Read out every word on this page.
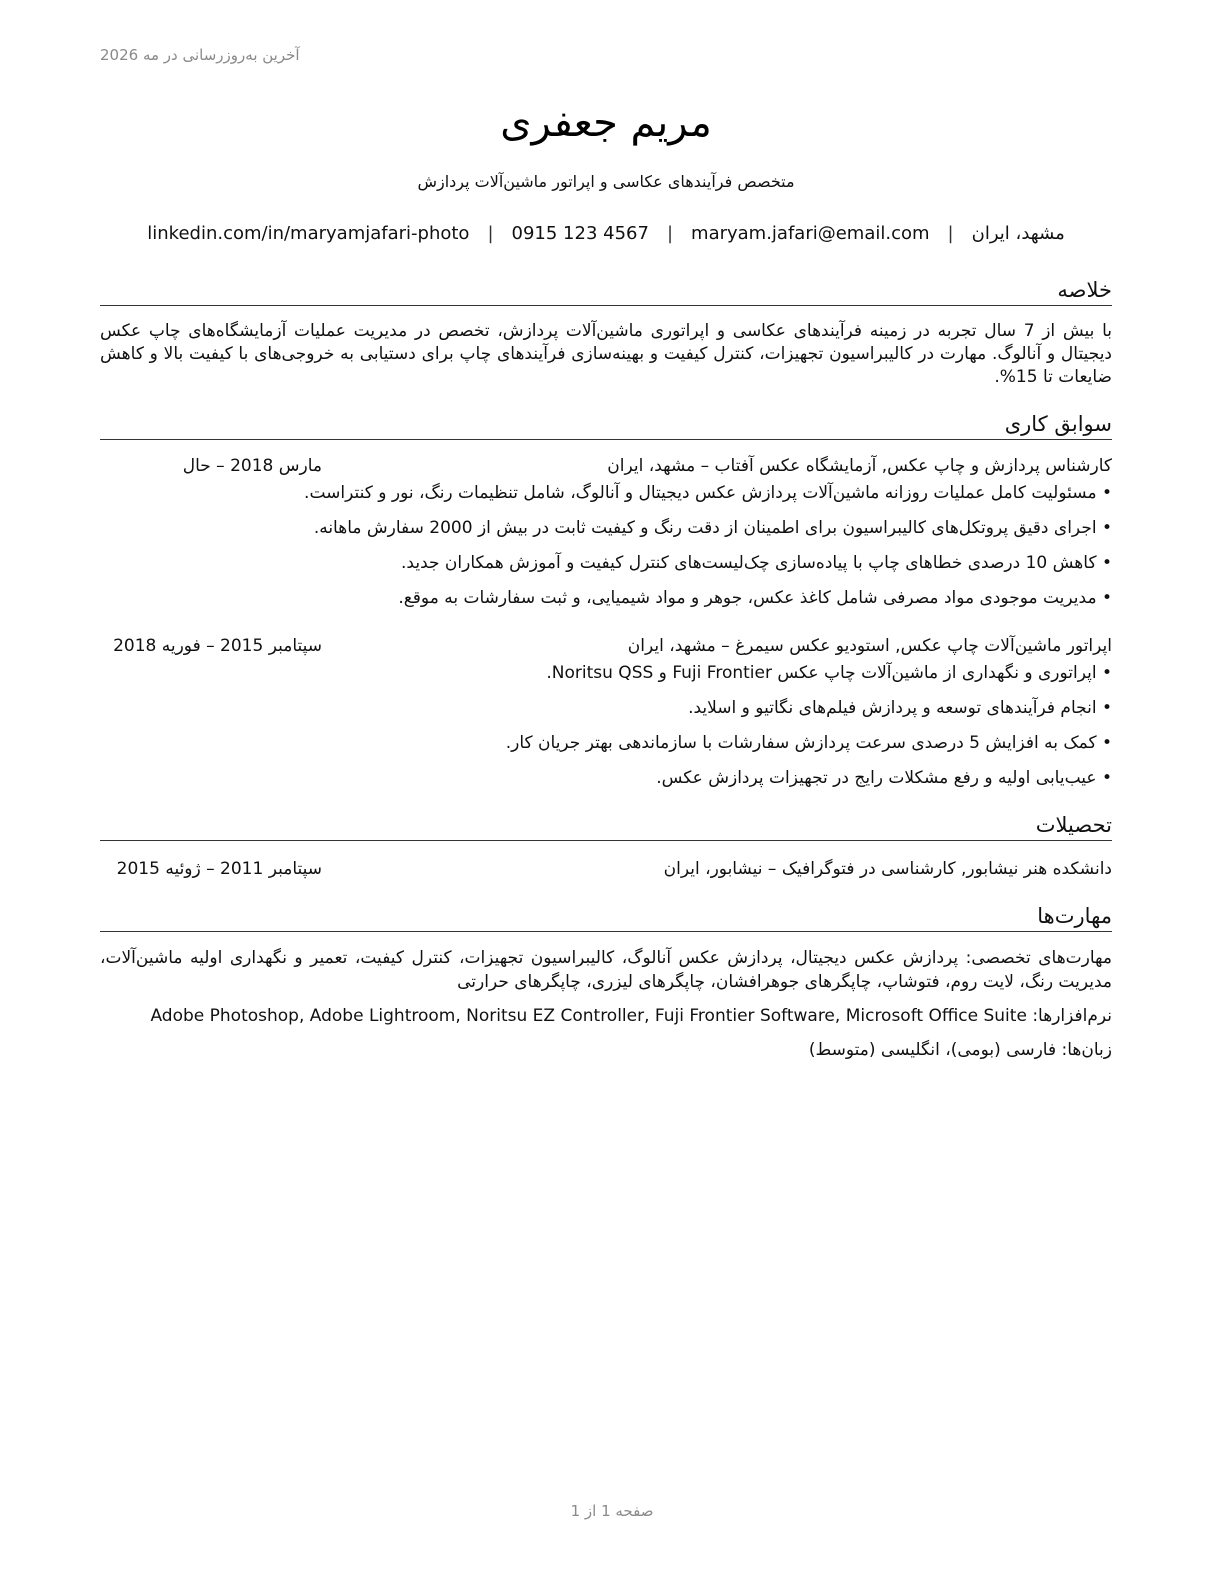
آخرین به‌روزرسانی در مه 2026
مریم جعفری
متخصص فرآیندهای عکاسی و اپراتور ماشین‌آلات پردازش
مشهد، ایران
|
maryam.jafari@email.com
|
0915 123 4567
|
linkedin.com/in/maryamjafari-photo
خلاصه

با بیش از 7 سال تجربه در زمینه فرآیندهای عکاسی و اپراتوری ماشین‌آلات پردازش، تخصص در مدیریت عملیات آزمایشگاه‌های چاپ عکس دیجیتال و آنالوگ. مهارت در کالیبراسیون تجهیزات، کنترل کیفیت و بهینه‌سازی فرآیندهای چاپ برای دستیابی به خروجی‌های با کیفیت بالا و کاهش ضایعات تا 15%.

سوابق کاری
کارشناس پردازش و چاپ عکس, آزمایشگاه عکس آفتاب – مشهد، ایران
مارس 2018 – حال
• مسئولیت کامل عملیات روزانه ماشین‌آلات پردازش عکس دیجیتال و آنالوگ، شامل تنظیمات رنگ، نور و کنتراست.
• اجرای دقیق پروتکل‌های کالیبراسیون برای اطمینان از دقت رنگ و کیفیت ثابت در بیش از 2000 سفارش ماهانه.
• کاهش 10 درصدی خطاهای چاپ با پیاده‌سازی چک‌لیست‌های کنترل کیفیت و آموزش همکاران جدید.
• مدیریت موجودی مواد مصرفی شامل کاغذ عکس، جوهر و مواد شیمیایی، و ثبت سفارشات به موقع.
اپراتور ماشین‌آلات چاپ عکس, استودیو عکس سیمرغ – مشهد، ایران
سپتامبر 2015 – فوریه 2018
• اپراتوری و نگهداری از ماشین‌آلات چاپ عکس Fuji Frontier و Noritsu QSS.
• انجام فرآیندهای توسعه و پردازش فیلم‌های نگاتیو و اسلاید.
• کمک به افزایش 5 درصدی سرعت پردازش سفارشات با سازماندهی بهتر جریان کار.
• عیب‌یابی اولیه و رفع مشکلات رایج در تجهیزات پردازش عکس.
تحصیلات
دانشکده هنر نیشابور, کارشناسی در فتوگرافیک – نیشابور، ایران
سپتامبر 2011 – ژوئیه 2015
مهارت‌ها

مهارت‌های تخصصی: پردازش عکس دیجیتال، پردازش عکس آنالوگ، کالیبراسیون تجهیزات، کنترل کیفیت، تعمیر و نگهداری اولیه ماشین‌آلات، مدیریت رنگ، لایت روم، فتوشاپ، چاپگرهای جوهرافشان، چاپگرهای لیزری، چاپگرهای حرارتی

نرم‌افزارها: Adobe Photoshop, Adobe Lightroom, Noritsu EZ Controller, Fuji Frontier Software, Microsoft Office Suite

زبان‌ها: فارسی (بومی)، انگلیسی (متوسط)

صفحه 1 از 1
